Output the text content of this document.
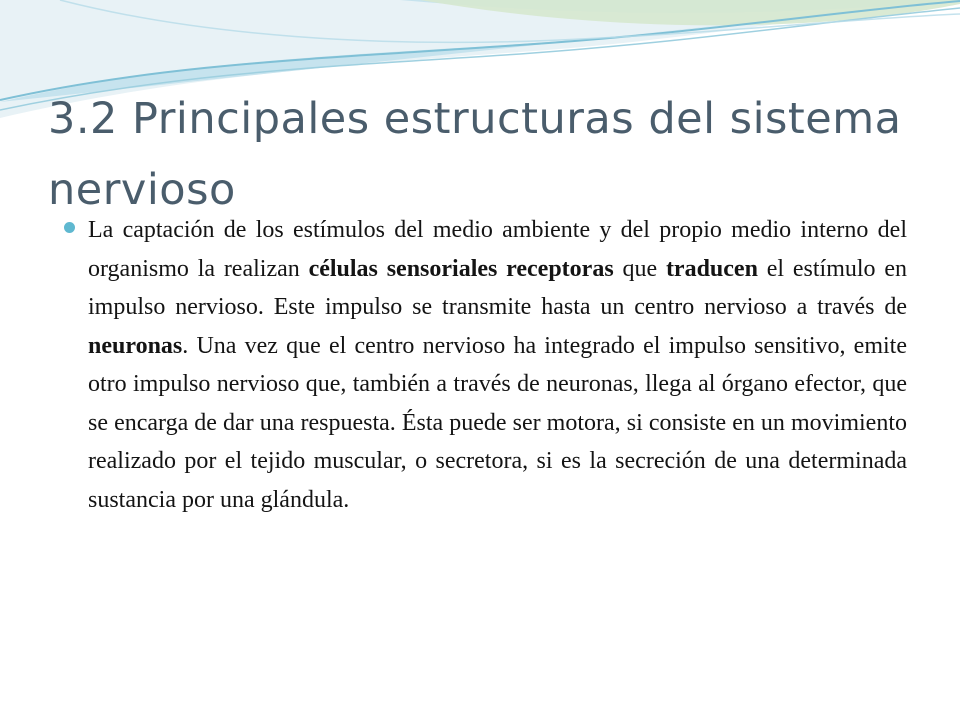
3.2 Principales estructuras del sistema nervioso

La captación de los estímulos del medio ambiente y del propio medio interno del organismo la realizan células sensoriales receptoras que traducen el estímulo en impulso nervioso. Este impulso se transmite hasta un centro nervioso a través de neuronas. Una vez que el centro nervioso ha integrado el impulso sensitivo, emite otro impulso nervioso que, también a través de neuronas, llega al órgano efector, que se encarga de dar una respuesta. Ésta puede ser motora, si consiste en un movimiento realizado por el tejido muscular, o secretora, si es la secreción de una determinada sustancia por una glándula.
